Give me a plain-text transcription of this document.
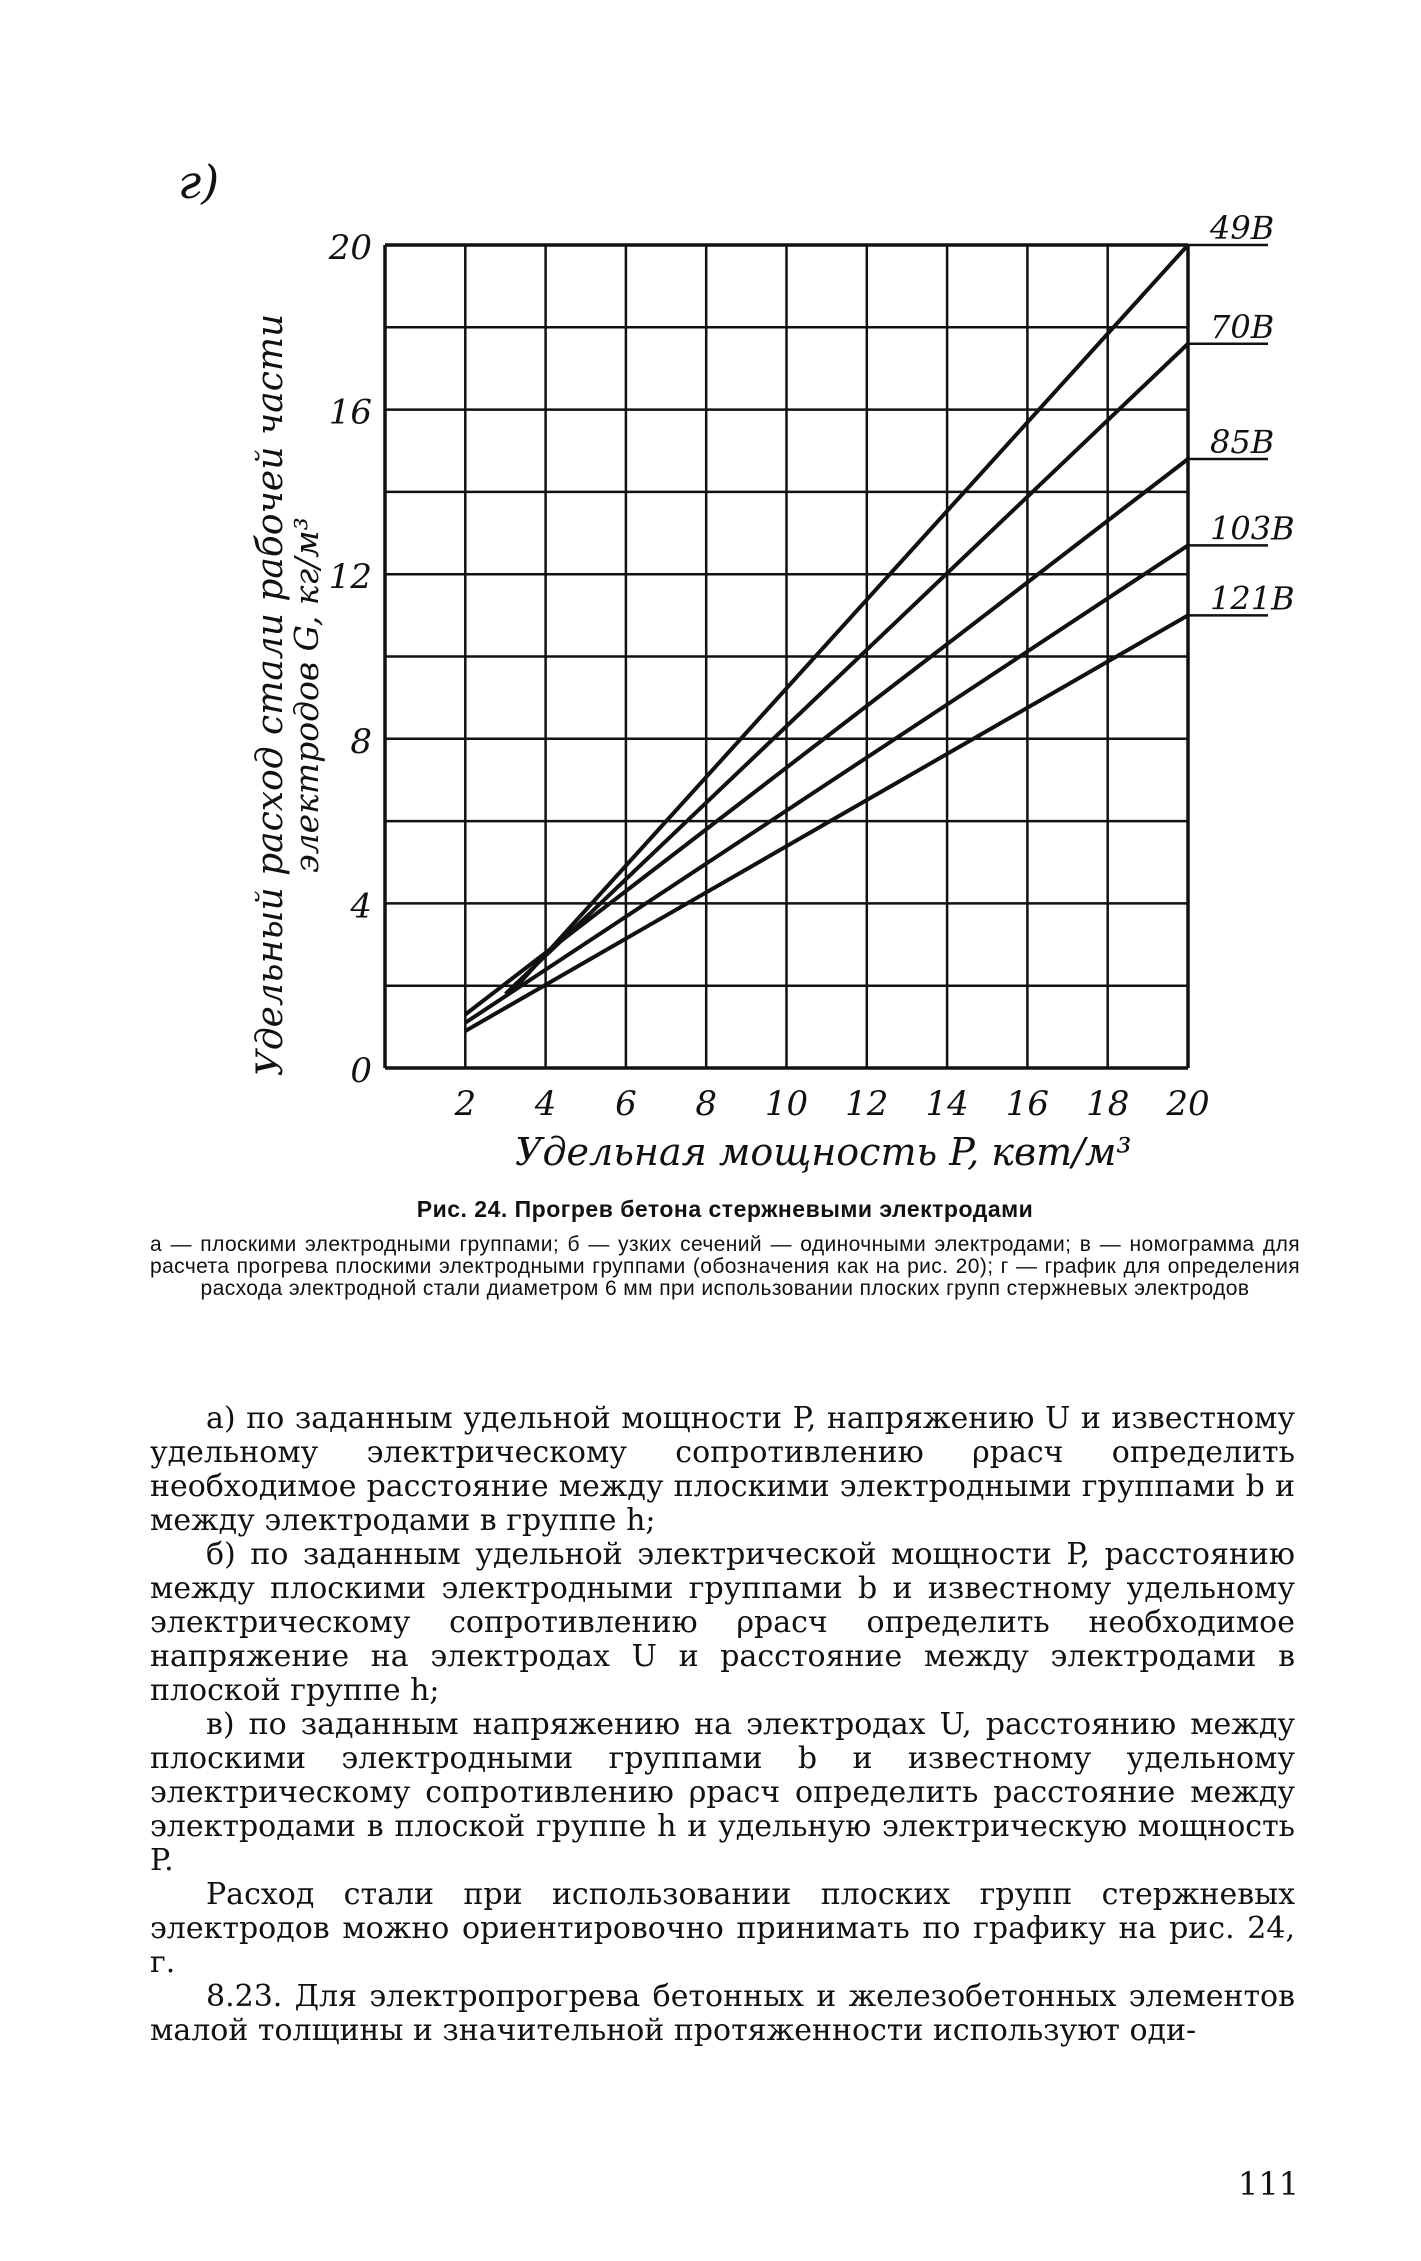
г)
0
4
8
12
16
20
2 4 6 8 10 12 14 16 18 20
49В
70В
85В
103В
121В
Удельная мощность P, квт/м³
Удельный расход стали рабочей части
электродов G, кг/м³
Рис. 24. Прогрев бетона стержневыми электродами
а — плоскими электродными группами; б — узких сечений — одиночными электродами; в — номограмма для расчета прогрева плоскими электродными группами (обозначения как на рис. 20); г — график для определения расхода электродной стали диаметром 6 мм при использовании плоских групп стержневых электродов

а) по заданным удельной мощности P, напряжению U и известному удельному электрическому сопротивлению ρрасч определить необходимое расстояние между плоскими электродными группами b и между электродами в группе h;

б) по заданным удельной электрической мощности P, расстоянию между плоскими электродными группами b и известному удельному электрическому сопротивлению ρрасч определить необходимое напряжение на электродах U и расстояние между электродами в плоской группе h;

в) по заданным напряжению на электродах U, расстоянию между плоскими электродными группами b и известному удельному электрическому сопротивлению ρрасч определить расстояние между электродами в плоской группе h и удельную электрическую мощность P.

Расход стали при использовании плоских групп стержневых электродов можно ориентировочно принимать по графику на рис. 24, г.

8.23. Для электропрогрева бетонных и железобетонных элементов малой толщины и значительной протяженности используют оди-

111
